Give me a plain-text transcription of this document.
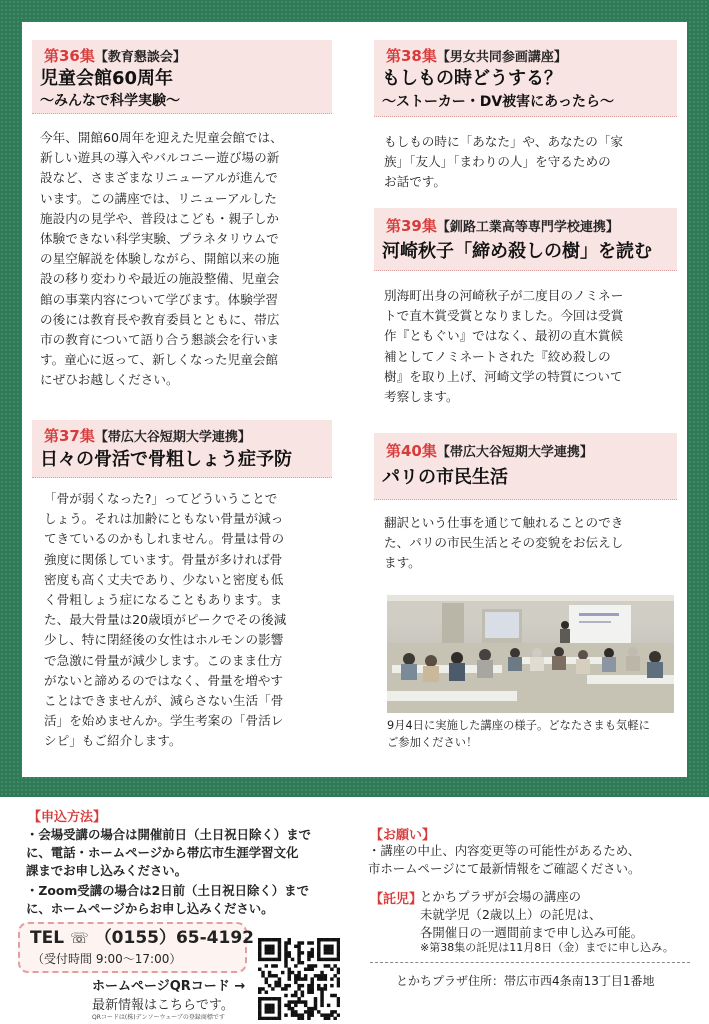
第36集【教育懇談会】
児童会館60周年
～みんなで科学実験～
今年、開館60周年を迎えた児童会館では、
新しい遊具の導入やバルコニー遊び場の新
設など、さまざまなリニューアルが進んで
います。この講座では、リニューアルした
施設内の見学や、普段はこども・親子しか
体験できない科学実験、プラネタリウムで
の星空解説を体験しながら、開館以来の施
設の移り変わりや最近の施設整備、児童会
館の事業内容について学びます。体験学習
の後には教育長や教育委員とともに、帯広
市の教育について語り合う懇談会を行いま
す。童心に返って、新しくなった児童会館
にぜひお越しください。
第37集【帯広大谷短期大学連携】
日々の骨活で骨粗しょう症予防
「骨が弱くなった?」ってどういうことで
しょう。それは加齢にともない骨量が減っ
てきているのかもしれません。骨量は骨の
強度に関係しています。骨量が多ければ骨
密度も高く丈夫であり、少ないと密度も低
く骨粗しょう症になることもあります。ま
た、最大骨量は20歳頃がピークでその後減
少し、特に閉経後の女性はホルモンの影響
で急激に骨量が減少します。このまま仕方
がないと諦めるのではなく、骨量を増やす
ことはできませんが、減らさない生活「骨
活」を始めませんか。学生考案の「骨活レ
シピ」もご紹介します。
第38集【男女共同参画講座】
もしもの時どうする？
～ストーカー・DV被害にあったら～
もしもの時に「あなた」や、あなたの「家
族」「友人」「まわりの人」を守るための
お話です。
第39集【釧路工業高等専門学校連携】
河崎秋子「締め殺しの樹」を読む
別海町出身の河崎秋子が二度目のノミネー
トで直木賞受賞となりました。今回は受賞
作『ともぐい』ではなく、最初の直木賞候
補としてノミネートされた『絞め殺しの
樹』を取り上げ、河崎文学の特質について
考察します。
第40集【帯広大谷短期大学連携】
パリの市民生活
翻訳という仕事を通じて触れることのでき
た、パリの市民生活とその変貌をお伝えし
ます。
9月4日に実施した講座の様子。どなたさまも気軽に
ご参加ください！
【申込方法】
・会場受講の場合は開催前日（土日祝日除く）まで
に、電話・ホームページから帯広市生涯学習文化
課までお申し込みください。
・Zoom受講の場合は2日前（土日祝日除く）まで
に、ホームページからお申し込みください。
TEL ☏ （0155）65-4192
（受付時間 9:00～17:00）
ホームページQRコード →
最新情報はこちらです。
QRコードは(株)デンソーウェーブの登録商標です
【お願い】
・講座の中止、内容変更等の可能性があるため、
市ホームページにて最新情報をご確認ください。
【託児】
とかちプラザが会場の講座の
未就学児（2歳以上）の託児は、
各開催日の一週間前まで申し込み可能。
※第38集の託児は11月8日（金）までに申し込み。
とかちプラザ住所：帯広市西4条南13丁目1番地
